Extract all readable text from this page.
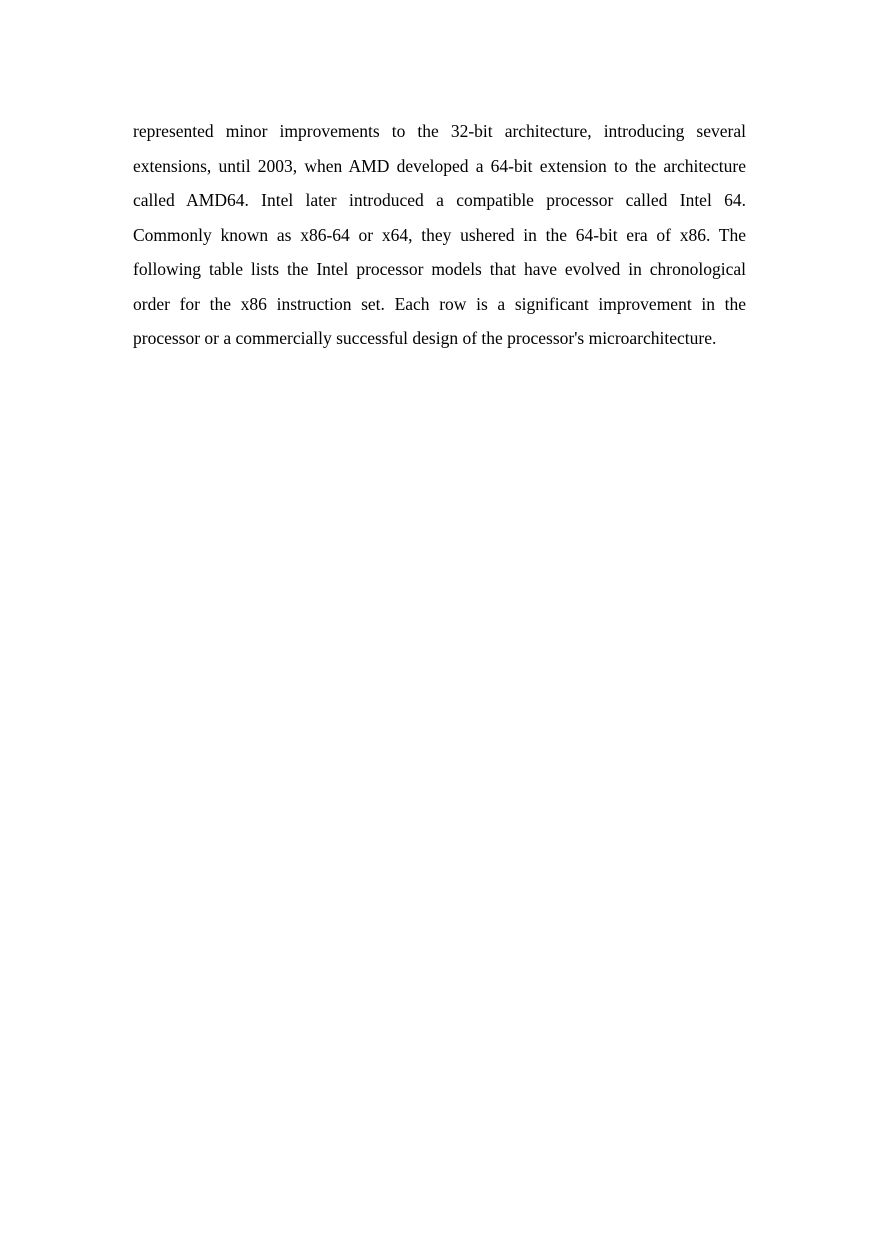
represented minor improvements to the 32-bit architecture, introducing several
extensions, until 2003, when AMD developed a 64-bit extension to the architecture
called AMD64. Intel later introduced a compatible processor called Intel 64.
Commonly known as x86-64 or x64, they ushered in the 64-bit era of x86. The
following table lists the Intel processor models that have evolved in chronological
order for the x86 instruction set. Each row is a significant improvement in the
processor or a commercially successful design of the processor's microarchitecture.
